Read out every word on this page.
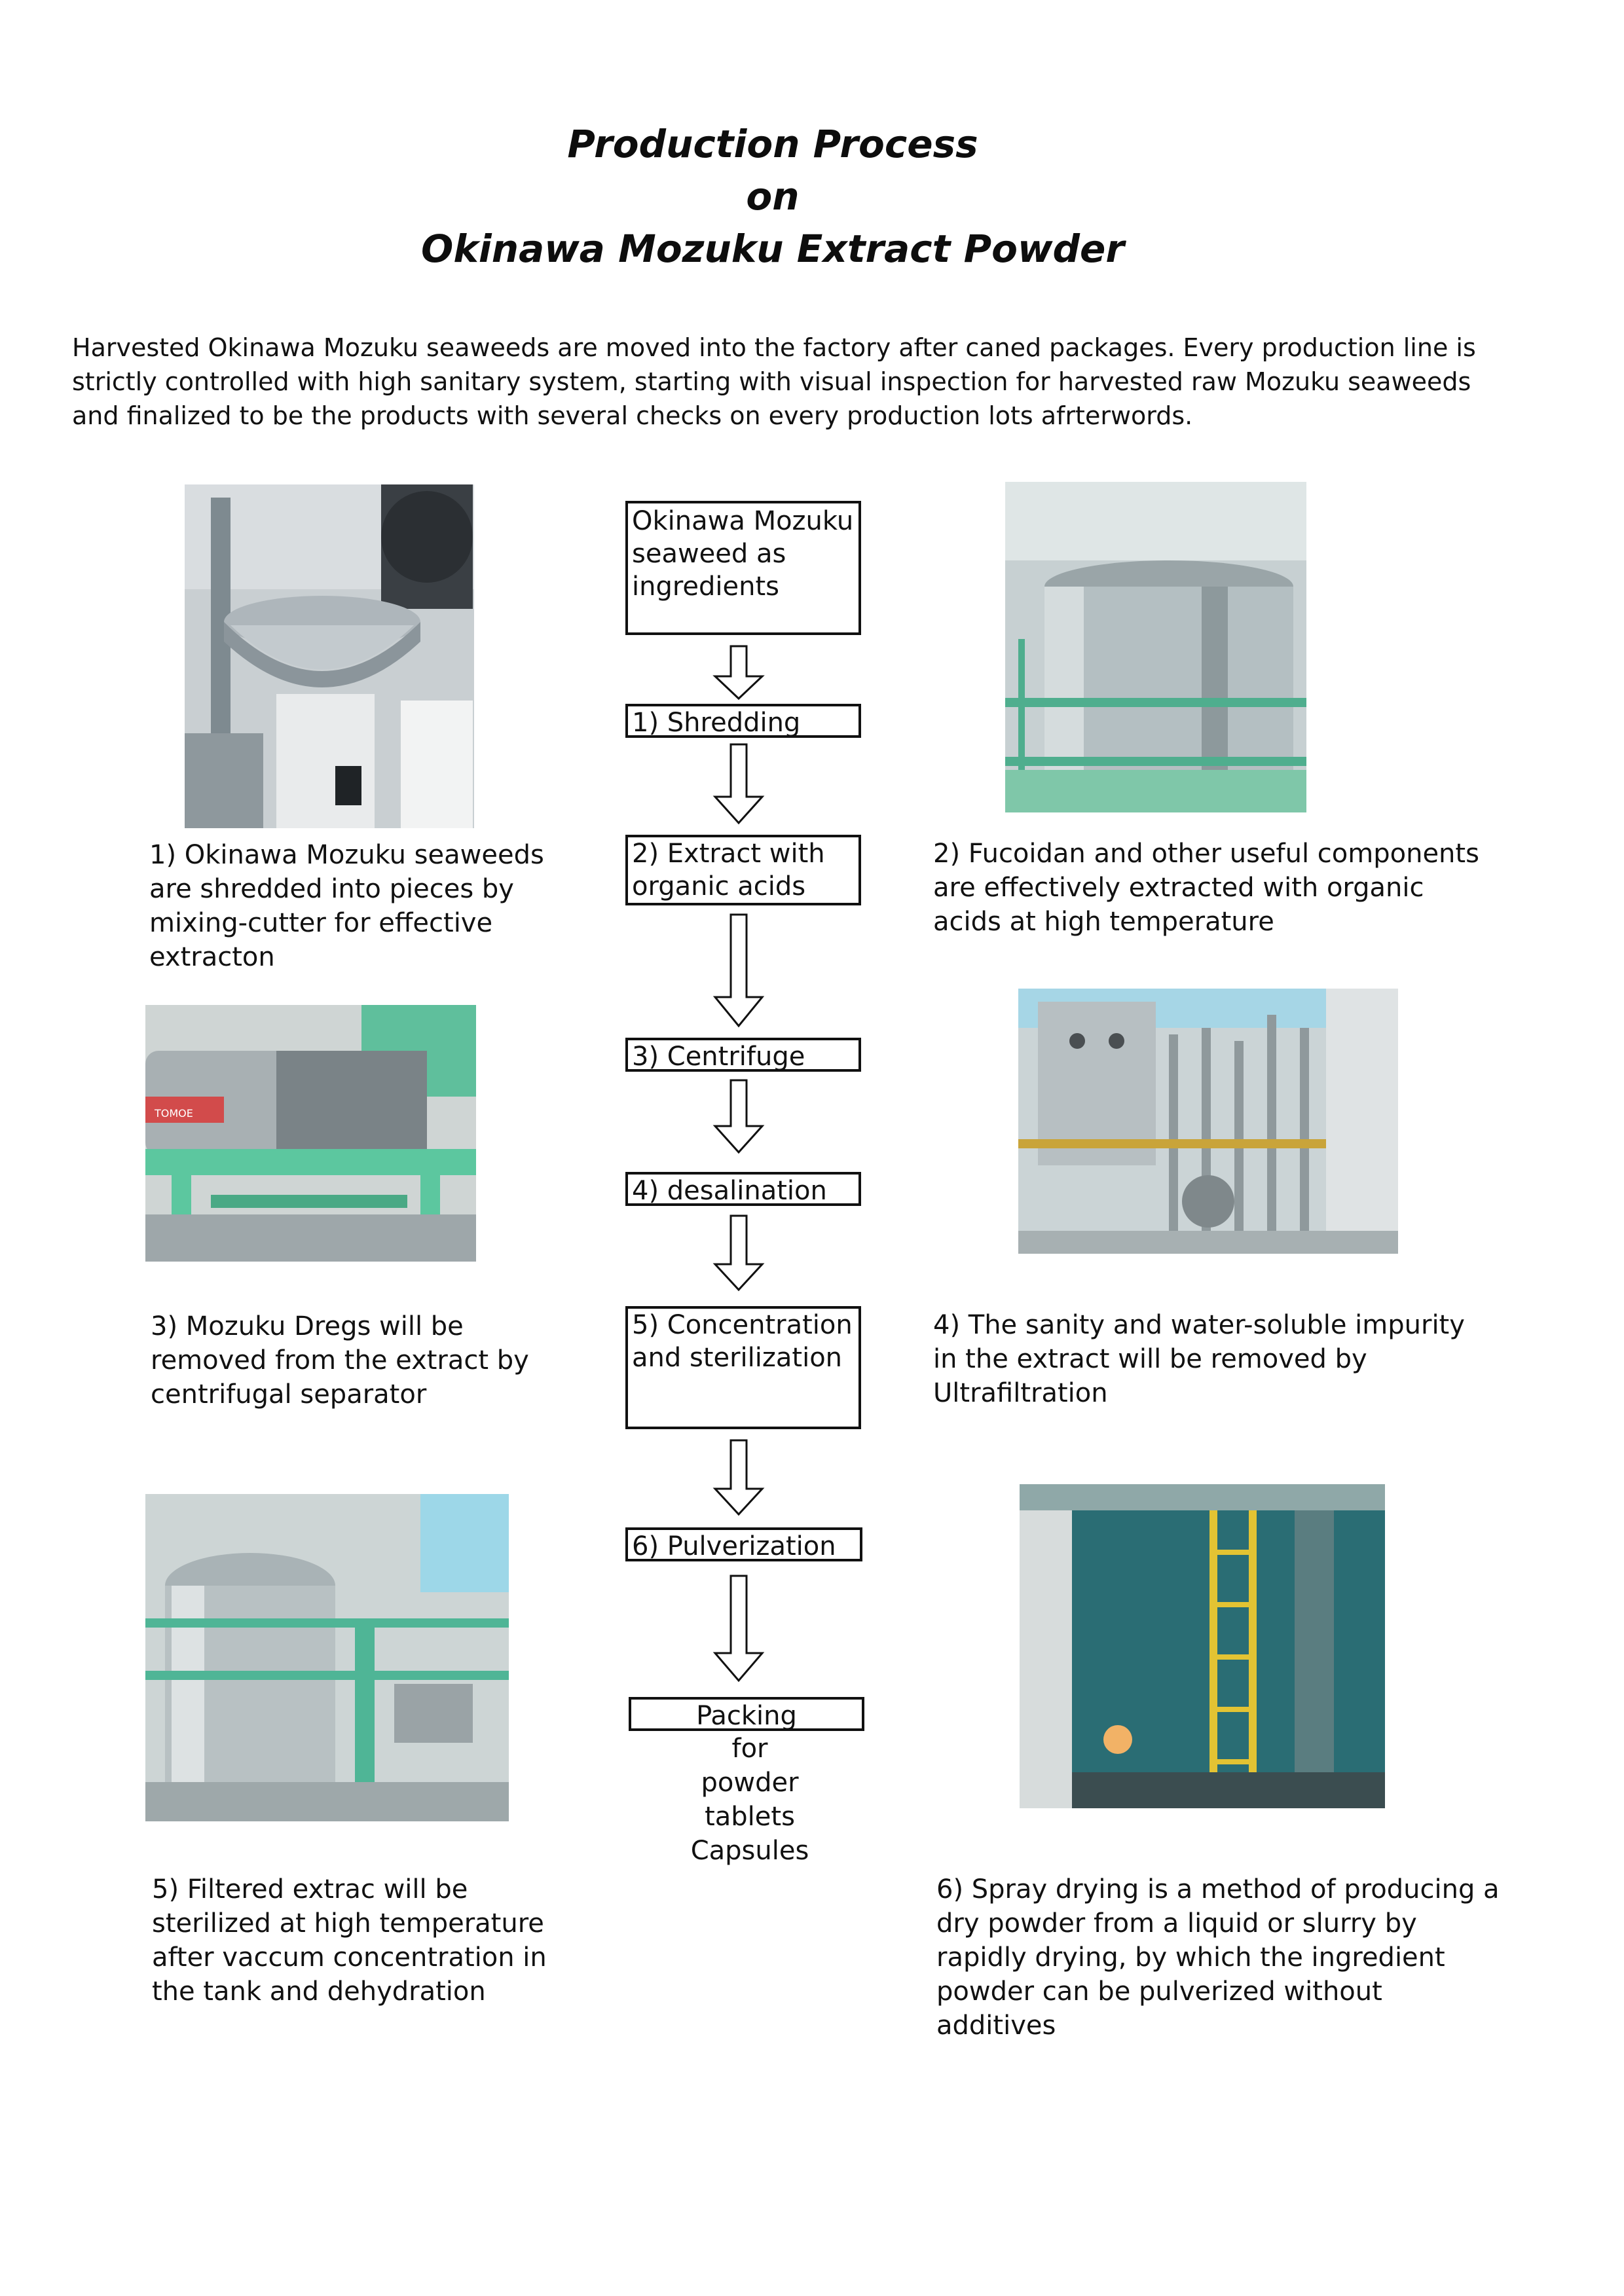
Production Process
on
Okinawa Mozuku Extract Powder
Harvested Okinawa Mozuku seaweeds are moved into the factory after caned packages. Every production line is strictly controlled with high sanitary system, starting with visual inspection for harvested raw Mozuku seaweeds and finalized to be the products with several checks on every production lots afrterwords.
TOMOE
Okinawa Mozuku
seaweed as
ingredients
1) Shredding
2) Extract with
organic acids
3) Centrifuge
4) desalination
5) Concentration
and sterilization
6) Pulverization
Packing
for
powder
tablets
Capsules
1) Okinawa Mozuku seaweeds
are shredded into pieces by
mixing-cutter for effective
extracton
2) Fucoidan and other useful components
are effectively extracted with organic
acids at high temperature
3) Mozuku Dregs will be
removed from the extract by
centrifugal separator
4) The sanity and water-soluble impurity
in the extract will be removed by
Ultrafiltration
5) Filtered extrac will be
sterilized at high temperature
after vaccum concentration in
the tank and dehydration
6) Spray drying is a method of producing a
dry powder from a liquid or slurry by
rapidly drying, by which the ingredient
powder can be pulverized without
additives
